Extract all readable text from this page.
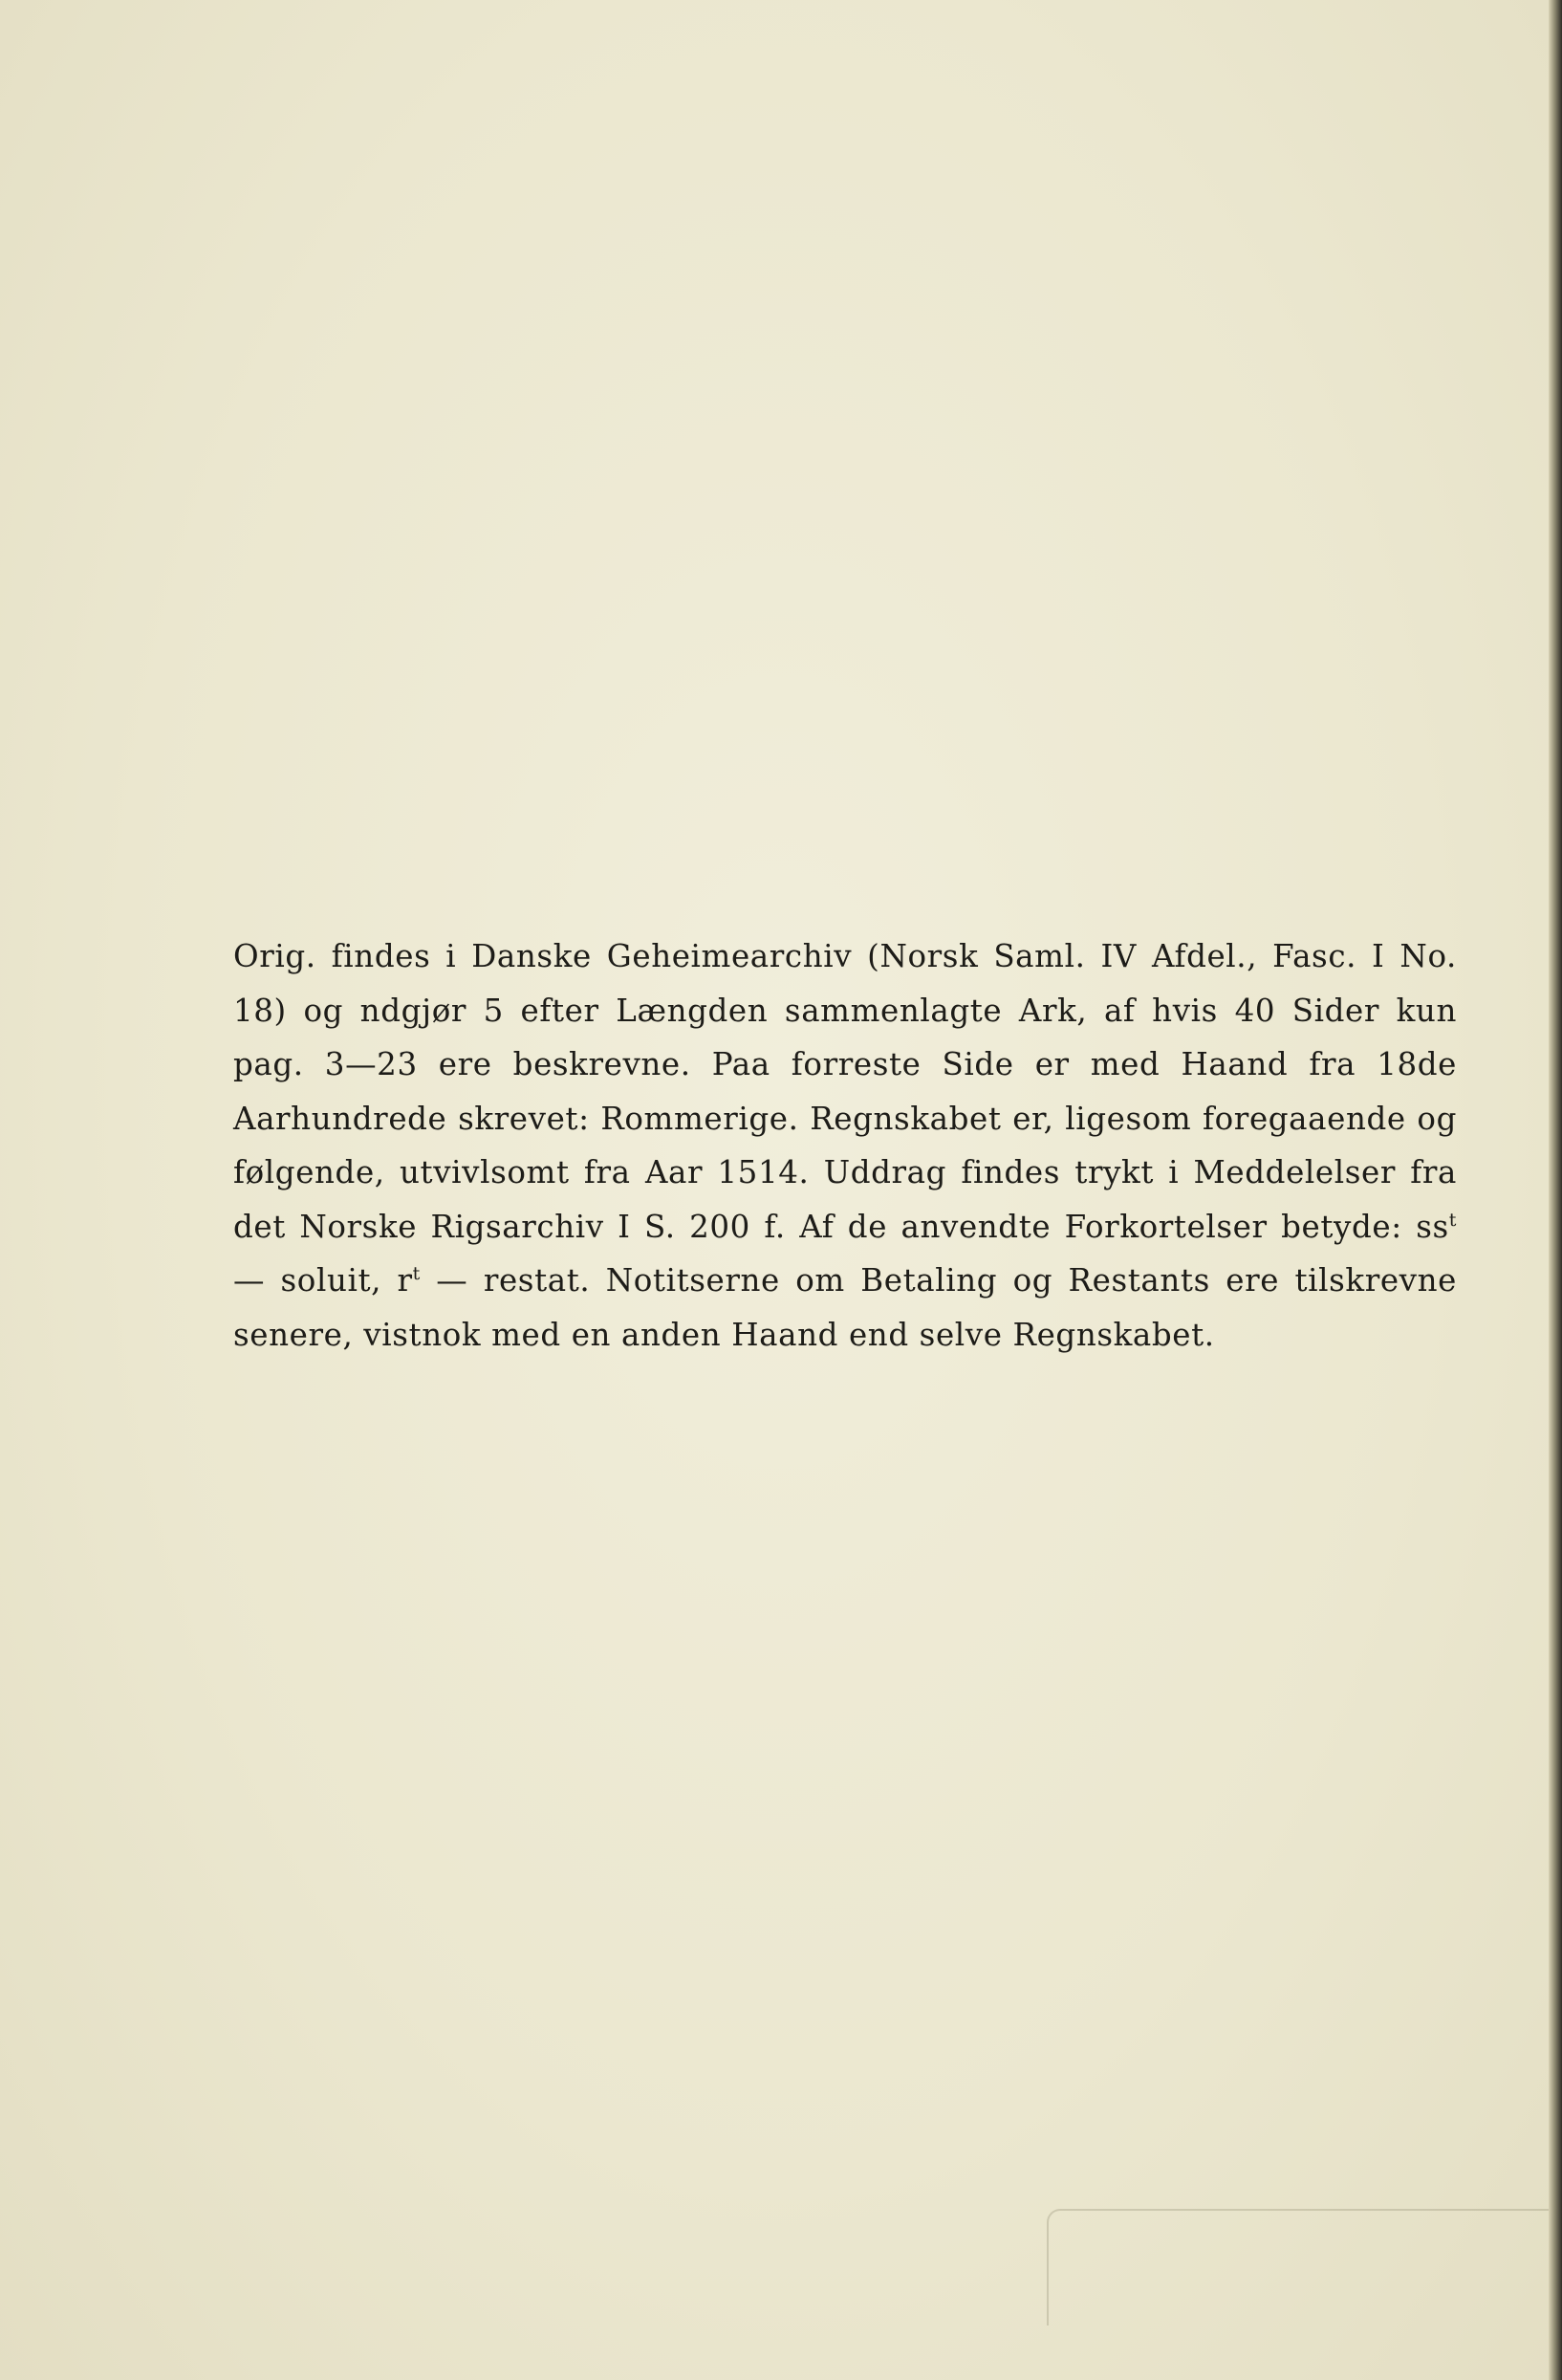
Orig. findes i Danske Geheimearchiv (Norsk Saml. IV Afdel., Fasc. I No. 18) og ndgjør 5 efter Længden sammenlagte Ark, af hvis 40 Sider kun pag. 3—23 ere beskrevne. Paa forreste Side er med Haand fra 18de Aarhundrede skrevet: Rommerige. Regnskabet er, ligesom foregaaende og følgende, utvivlsomt fra Aar 1514. Uddrag findes trykt i Meddelelser fra det Norske Rigsarchiv I S. 200 f. Af de anvendte Forkortelser betyde: $ss^t$ — soluit, $r^t$ — restat. Notitserne om Betaling og Restants ere tilskrevne senere, vistnok med en anden Haand end selve Regnskabet.
